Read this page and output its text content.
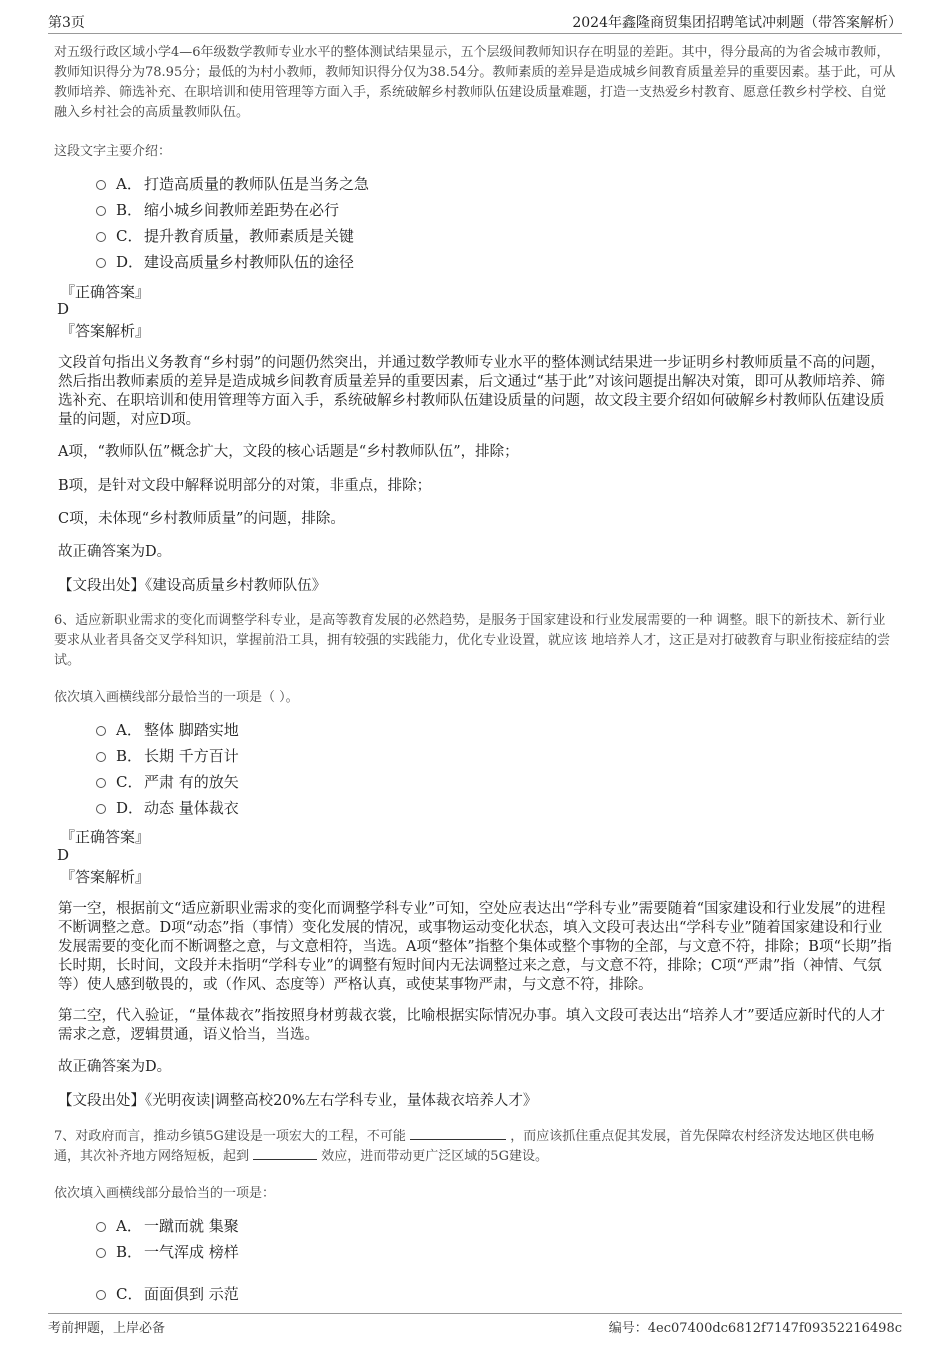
第3页	2024年鑫隆商贸集团招聘笔试冲刺题（带答案解析）
对五级行政区域小学4—6年级数学教师专业水平的整体测试结果显示，五个层级间教师知识存在明显的差距。其中，得分最高的为省会城市教师，教师知识得分为78.95分；最低的为村小教师，教师知识得分仅为38.54分。教师素质的差异是造成城乡间教育质量差异的重要因素。基于此，可从教师培养、筛选补充、在职培训和使用管理等方面入手，系统破解乡村教师队伍建设质量难题，打造一支热爱乡村教育、愿意任教乡村学校、自觉融入乡村社会的高质量教师队伍。
这段文字主要介绍：
A． 打造高质量的教师队伍是当务之急
B． 缩小城乡间教师差距势在必行
C． 提升教育质量，教师素质是关键
D． 建设高质量乡村教师队伍的途径
『正确答案』
D
『答案解析』
文段首句指出义务教育“乡村弱”的问题仍然突出，并通过数学教师专业水平的整体测试结果进一步证明乡村教师质量不高的问题，然后指出教师素质的差异是造成城乡间教育质量差异的重要因素，后文通过“基于此”对该问题提出解决对策，即可从教师培养、筛选补充、在职培训和使用管理等方面入手，系统破解乡村教师队伍建设质量的问题，故文段主要介绍如何破解乡村教师队伍建设质量的问题，对应D项。
A项，“教师队伍”概念扩大，文段的核心话题是“乡村教师队伍”，排除；
B项，是针对文段中解释说明部分的对策，非重点，排除；
C项，未体现“乡村教师质量”的问题，排除。
故正确答案为D。
【文段出处】《建设高质量乡村教师队伍》
6、适应新职业需求的变化而调整学科专业，是高等教育发展的必然趋势，是服务于国家建设和行业发展需要的一种 调整。眼下的新技术、新行业要求从业者具备交叉学科知识，掌握前沿工具，拥有较强的实践能力，优化专业设置，就应该 地培养人才，这正是对打破教育与职业衔接症结的尝试。
依次填入画横线部分最恰当的一项是（ ）。
A． 整体 脚踏实地
B． 长期 千方百计
C． 严肃 有的放矢
D． 动态 量体裁衣
『正确答案』
D
『答案解析』
第一空，根据前文“适应新职业需求的变化而调整学科专业”可知，空处应表达出“学科专业”需要随着“国家建设和行业发展”的进程不断调整之意。D项“动态”指（事情）变化发展的情况，或事物运动变化状态，填入文段可表达出“学科专业”随着国家建设和行业发展需要的变化而不断调整之意，与文意相符，当选。A项“整体”指整个集体或整个事物的全部，与文意不符，排除；B项“长期”指长时期，长时间，文段并未指明“学科专业”的调整有短时间内无法调整过来之意，与文意不符，排除；C项“严肃”指（神情、气氛等）使人感到敬畏的，或（作风、态度等）严格认真，或使某事物严肃，与文意不符，排除。
第二空，代入验证，“量体裁衣”指按照身材剪裁衣裳，比喻根据实际情况办事。填入文段可表达出“培养人才”要适应新时代的人才需求之意，逻辑贯通，语义恰当，当选。
故正确答案为D。
【文段出处】《光明夜读|调整高校20%左右学科专业，量体裁衣培养人才》
7、对政府而言，推动乡镇5G建设是一项宏大的工程，不可能	，而应该抓住重点促其发展，首先保障农村经济发达地区供电畅通，其次补齐地方网络短板，起到	效应，进而带动更广泛区域的5G建设。
依次填入画横线部分最恰当的一项是：
A． 一蹴而就 集聚
B． 一气浑成 榜样
C． 面面俱到 示范
考前押题，上岸必备	编号：4ec07400dc6812f7147f09352216498c
